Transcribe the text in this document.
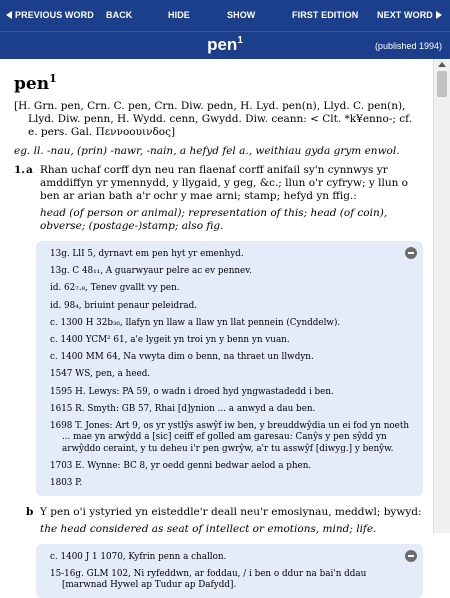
PREVIOUS WORD BACK	HIDE	SHOW	FIRST EDITION NEXT WORD
pen$^1$	(published 1994)
pen$^1$
[H. Grn. pen, Crn. C. pen, Crn. Diw. pedn, H. Lyd. pen(n), Llyd. C. pen(n), Llyd. Diw. penn, H. Wydd. cenn, Gwydd. Diw. ceann: < Clt. *k¥enno-; cf. e. pers. Gal. Πεννοουινδος]
eg. ll. -nau, (prin) -nawr, -nain, a hefyd fel a., weithiau gyda grym enwol.
1. a Rhan uchaf corff dyn neu ran flaenaf corff anifail sy'n cynnwys yr amddiffyn yr ymennydd, y llygaid, y geg, &c.; llun o'r cyfryw; y llun o ben ar arian bath a'r ochr y mae arni; stamp; hefyd yn ffig.:
head (of person or animal); representation of this; head (of coin), obverse; (postage-)stamp; also fig.
13g. LlI 5, dyrnavt em pen hyt yr emenhyd.
13g. C 48₁₁, A guarwyaur pelre ac ev pennev.
id. 62₇.₈, Tenev gvallt vy pen.
id. 98₄, briuint penaur peleidrad.
c. 1300 H 32b₃₆, llafyn yn llaw a llaw yn llat pennein (Cynddelw).
c. 1400 YCM² 61, a'e lygeit yn troi yn y benn yn vuan.
c. 1400 MM 64, Na vwyta dim o benn, na thraet un llwdyn.
1547 WS, pen, a heed.
1595 H. Lewys: PA 59, o wadn i droed hyd yngwastadedd i ben.
1615 R. Smyth: GB 57, Rhai [d]ynion ... a anwyd a dau ben.
1698 T. Jones: Art 9, os yr ystlŷs aswŷf iw ben, y breuddwŷdia un ei fod yn noeth ... mae yn arwŷdd a [sic] ceiff ef golled am garesau: Canŷs y pen sŷdd yn arwŷddo ceraint, y tu deheu i'r pen gwrŷw, a'r tu asswŷf [diwyg.] y benŷw.
1703 E. Wynne: BC 8, yr oedd genni bedwar aelod a phen.
1803 P.
b Y pen o'i ystyried yn eisteddle'r deall neu'r emosiynau, meddwl; bywyd:
the head considered as seat of intellect or emotions, mind; life.
c. 1400 J 1 1070, Kyfrin penn a challon.
15-16g. GLM 102, Ni ryfeddwn, ar foddau, / i ben o ddur na bai'n ddau [marwnad Hywel ap Tudur ap Dafydd].
